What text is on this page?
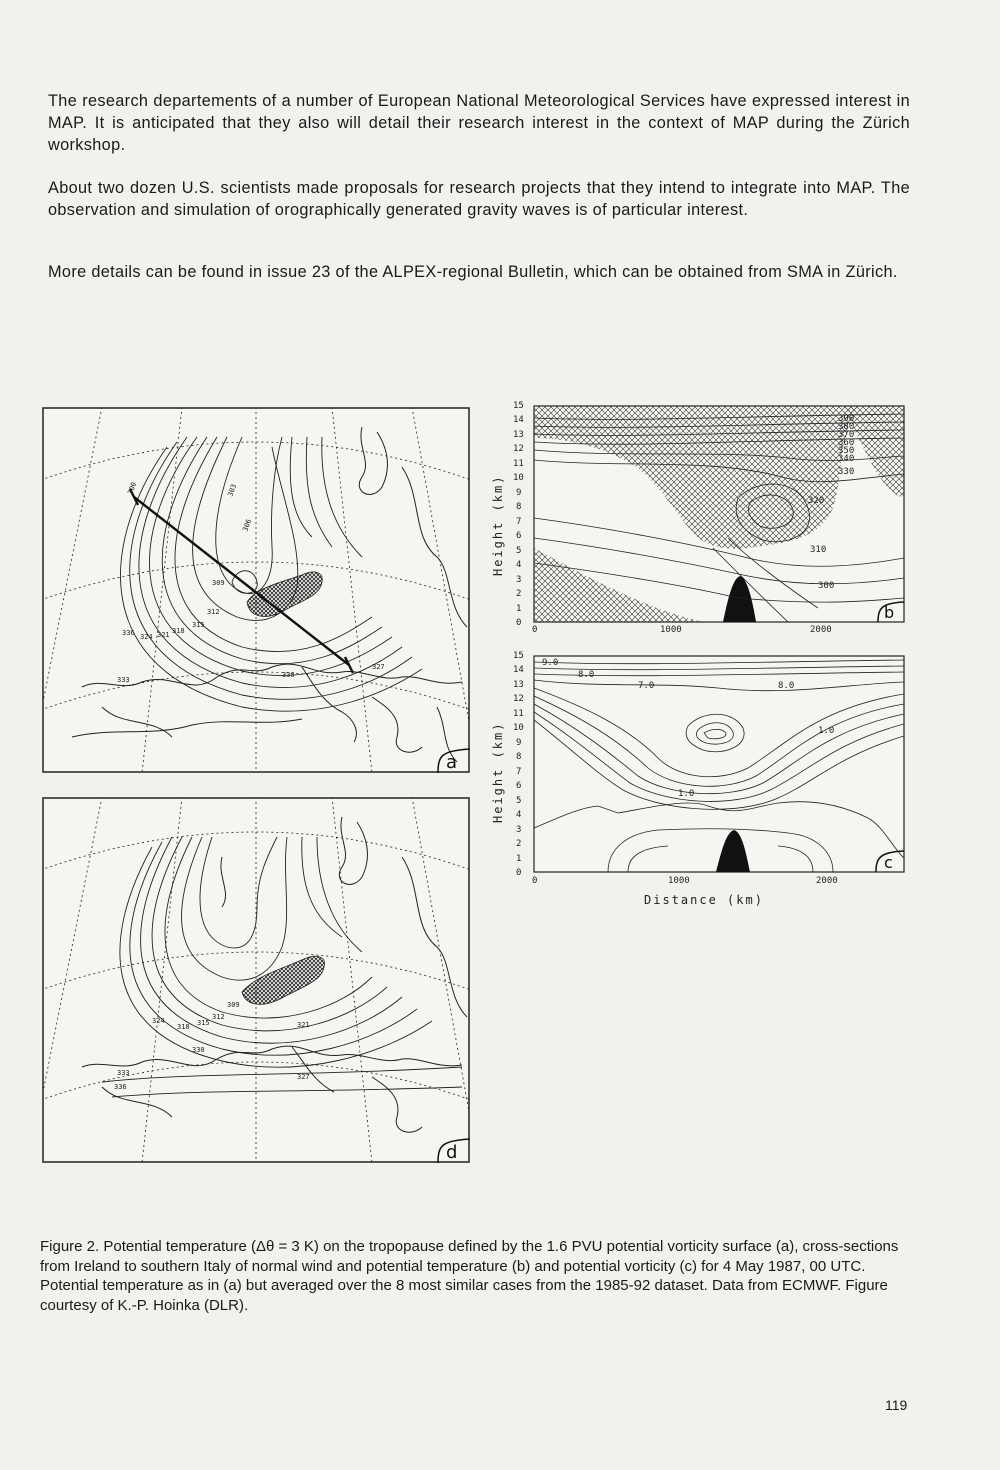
The research departements of a number of European National Meteorological Services have expressed interest in MAP. It is anticipated that they also will detail their research interest in the context of MAP during the Zürich workshop.

About two dozen U.S. scientists made proposals for research projects that they intend to integrate into MAP. The observation and simulation of orographically generated gravity waves is of particular interest.

More details can be found in issue 23 of the ALPEX-regional Bulletin, which can be obtained from SMA in Zürich.

309
306
312
315
318
321
324
327
330
333
336
300	303
a
309
312
315
318	321
324
327
330
333
336
d
390
380
370
360
350
340
330
320
310
300
0
1
2
3
4
5
6
7
8
9
10
11
12
13
14
15
0	1000	2000
Height (km)
b
9.0
8.0
7.0	8.0
1.0
1.0
0
1
2
3
4
5
6
7
8
9
10
11
12
13
14
15
0	1000	2000
Height (km)
Distance (km)
c

Figure 2. Potential temperature (Δθ = 3 K) on the tropopause defined by the 1.6 PVU potential vorticity surface (a), cross-sections from Ireland to southern Italy of normal wind and potential temperature (b) and potential vorticity (c) for 4 May 1987, 00 UTC. Potential temperature as in (a) but averaged over the 8 most similar cases from the 1985-92 dataset. Data from ECMWF. Figure courtesy of K.-P. Hoinka (DLR).

119
